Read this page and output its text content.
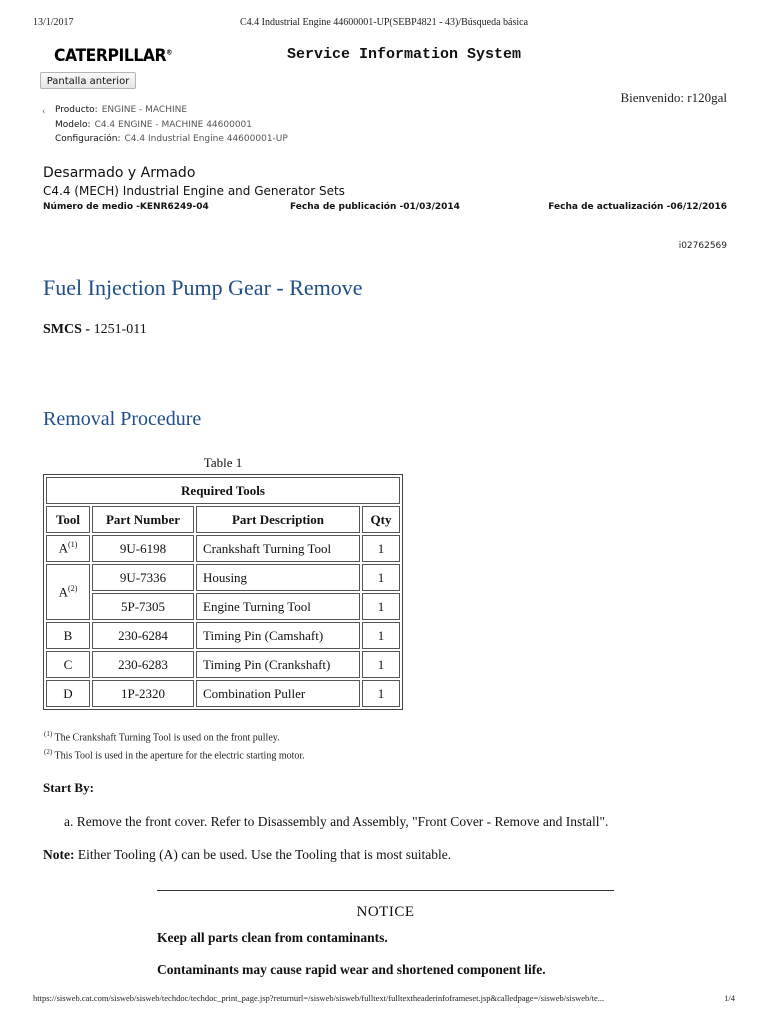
13/1/2017	C4.4 Industrial Engine 44600001-UP(SEBP4821 - 43)/Búsqueda básica
CATERPILLAR®	Service Information System
Pantalla anterior
Bienvenido: r120gal
‹ Producto: ENGINE - MACHINE
Modelo: C4.4 ENGINE - MACHINE 44600001
Configuración: C4.4 Industrial Engine 44600001-UP
Desarmado y Armado
C4.4 (MECH) Industrial Engine and Generator Sets
Número de medio -KENR6249-04	Fecha de publicación -01/03/2014	Fecha de actualización -06/12/2016
i02762569
Fuel Injection Pump Gear - Remove
SMCS - 1251-011
Removal Procedure
Table 1
Required Tools			
Tool	Part Number	Part Description	Qty
$A^{(1)}$	9U-6198	Crankshaft Turning Tool	1
$A^{(2)}$	9U-7336	Housing	1
	5P-7305	Engine Turning Tool	1
B	230-6284	Timing Pin (Camshaft)	1
C	230-6283	Timing Pin (Crankshaft)	1
D	1P-2320	Combination Puller	1
$^{(1)}$ The Crankshaft Turning Tool is used on the front pulley.
$^{(2)}$ This Tool is used in the aperture for the electric starting motor.
Start By:
a. Remove the front cover. Refer to Disassembly and Assembly, "Front Cover - Remove and Install".
Note: Either Tooling (A) can be used. Use the Tooling that is most suitable.
NOTICE
Keep all parts clean from contaminants.
Contaminants may cause rapid wear and shortened component life.
https://sisweb.cat.com/sisweb/sisweb/techdoc/techdoc_print_page.jsp?returnurl=/sisweb/sisweb/fulltext/fulltextheaderinfoframeset.jsp&calledpage=/sisweb/sisweb/te...	1/4
